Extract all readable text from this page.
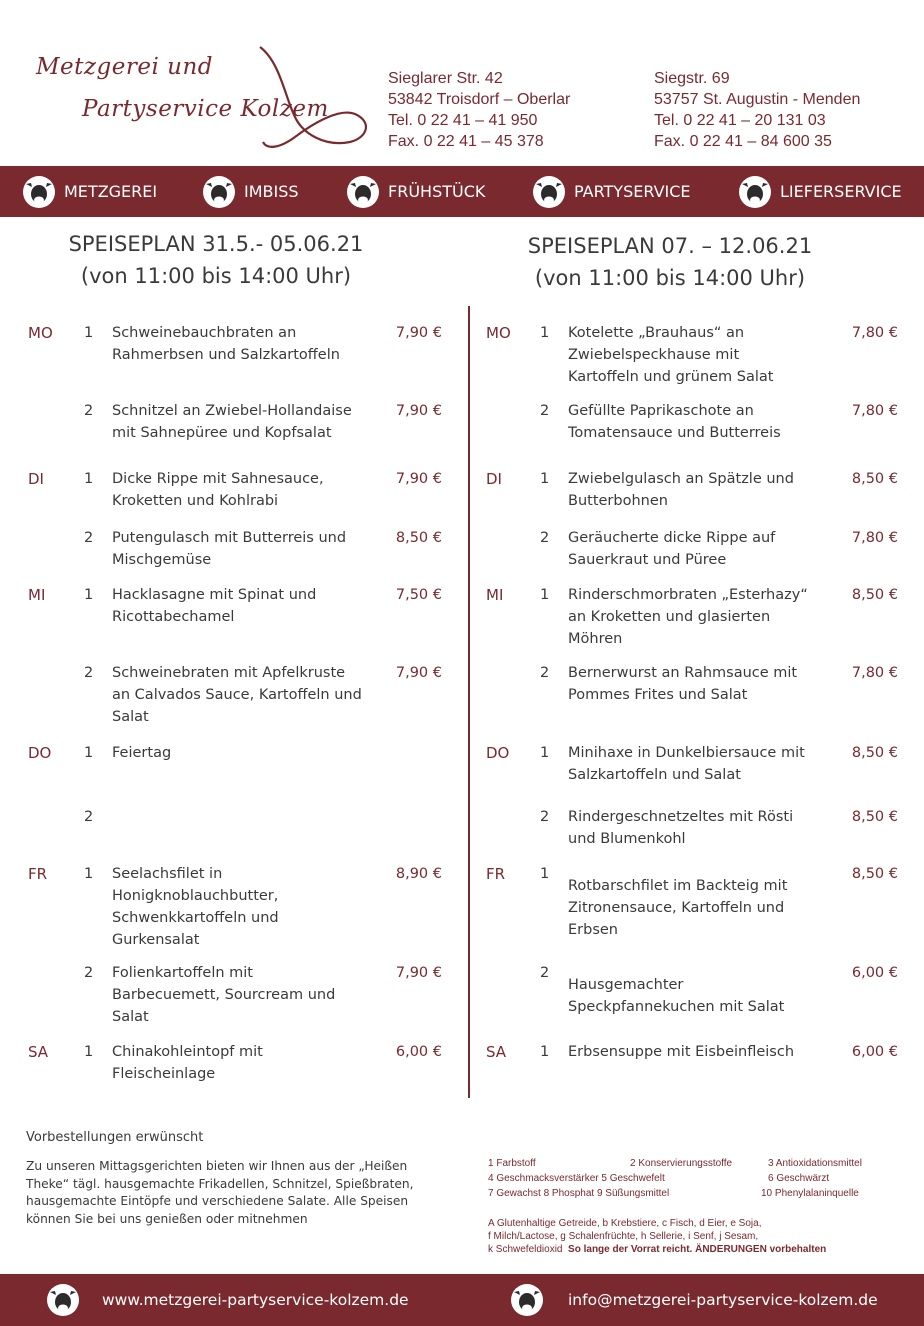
Metzgerei und
Partyservice Kolzem
Sieglarer Str. 42
53842 Troisdorf – Oberlar
Tel. 0 22 41 – 41 950
Fax. 0 22 41 – 45 378
Siegstr. 69
53757 St. Augustin - Menden
Tel. 0 22 41 – 20 131 03
Fax. 0 22 41 – 84 600 35
METZGEREI	IMBISS	FRÜHSTÜCK	PARTYSERVICE	LIEFERSERVICE
SPEISEPLAN 31.5.- 05.06.21
(von 11:00 bis 14:00 Uhr)
SPEISEPLAN 07. – 12.06.21
(von 11:00 bis 14:00 Uhr)
MO 1 Schweinebauchbraten an
Rahmerbsen und Salzkartoffeln
7,90 €
2 Schnitzel an Zwiebel-Hollandaise
mit Sahnepüree und Kopfsalat
7,90 €
DI	1 Dicke Rippe mit Sahnesauce,
Kroketten und Kohlrabi
7,90 €
2 Putengulasch mit Butterreis und
Mischgemüse
8,50 €
MI	1 Hacklasagne mit Spinat und
Ricottabechamel
7,50 €
2 Schweinebraten mit Apfelkruste
an Calvados Sauce, Kartoffeln und
Salat
7,90 €
DO 1 Feiertag
2
FR	1 Seelachsfilet in
Honigknoblauchbutter,
Schwenkkartoffeln und
Gurkensalat
8,90 €
2 Folienkartoffeln mit
Barbecuemett, Sourcream und
Salat
7,90 €
SA 1 Chinakohleintopf mit
Fleischeinlage
6,00 €
MO 1 Kotelette „Brauhaus“ an
Zwiebelspeckhause mit
Kartoffeln und grünem Salat
7,80 €
2 Gefüllte Paprikaschote an
Tomatensauce und Butterreis
7,80 €
DI	1 Zwiebelgulasch an Spätzle und
Butterbohnen
8,50 €
2 Geräucherte dicke Rippe auf
Sauerkraut und Püree
7,80 €
MI	1 Rinderschmorbraten „Esterhazy“
an Kroketten und glasierten
Möhren
8,50 €
2 Bernerwurst an Rahmsauce mit
Pommes Frites und Salat
7,80 €
DO 1 Minihaxe in Dunkelbiersauce mit
Salzkartoffeln und Salat
8,50 €
2 Rindergeschnetzeltes mit Rösti
und Blumenkohl
8,50 €
FR 1
Rotbarschfilet im Backteig mit
Zitronensauce, Kartoffeln und
Erbsen
8,50 €
2
Hausgemachter
Speckpfannekuchen mit Salat
6,00 €
SA 1 Erbsensuppe mit Eisbeinfleisch	6,00 €
Vorbestellungen erwünscht
Zu unseren Mittagsgerichten bieten wir Ihnen aus der „Heißen
Theke“ tägl. hausgemachte Frikadellen, Schnitzel, Spießbraten,
hausgemachte Eintöpfe und verschiedene Salate. Alle Speisen
können Sie bei uns genießen oder mitnehmen
1 Farbstoff	2 Konservierungsstoffe	3 Antioxidationsmittel
4 Geschmacksverstärker 5 Geschwefelt	6 Geschwärzt
7 Gewachst 8 Phosphat 9 Süßungsmittel	10 Phenylalaninquelle
A Glutenhaltige Getreide, b Krebstiere, c Fisch, d Eier, e Soja,
f Milch/Lactose, g Schalenfrüchte, h Sellerie, i Senf, j Sesam,
k Schwefeldioxid So lange der Vorrat reicht. ÄNDERUNGEN vorbehalten
www.metzgerei-partyservice-kolzem.de	info@metzgerei-partyservice-kolzem.de
